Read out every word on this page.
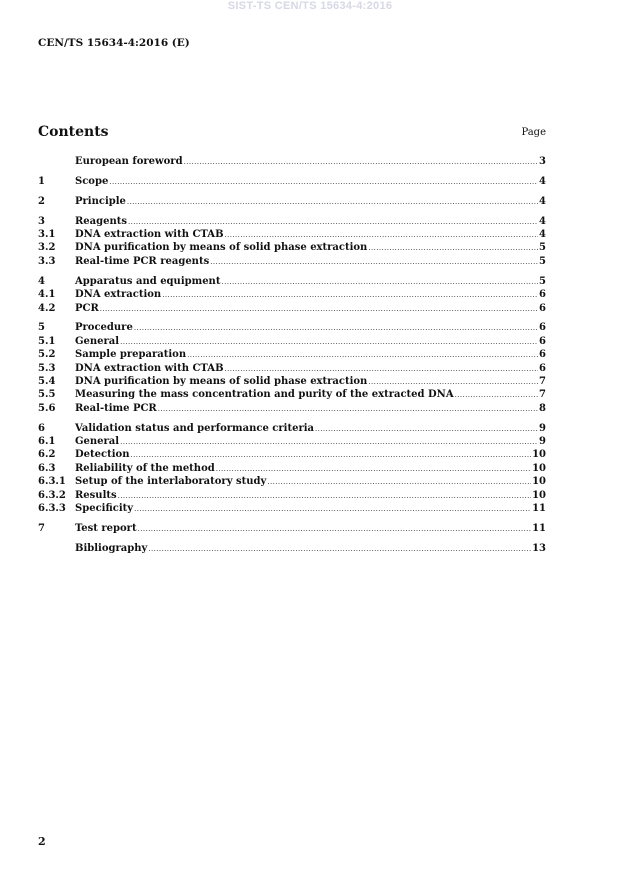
SIST-TS CEN/TS 15634-4:2016
CEN/TS 15634-4:2016 (E)
Contents	Page
European foreword .....	3
1	Scope .....	4
2	Principle .....	4
3	Reagents .....	4
3.1	DNA extraction with CTAB .....	4
3.2	DNA purification by means of solid phase extraction .....	5
3.3	Real-time PCR reagents .....	5
4	Apparatus and equipment .....	5
4.1	DNA extraction .....	6
4.2	PCR .....	6
5	Procedure .....	6
5.1	General .....	6
5.2	Sample preparation .....	6
5.3	DNA extraction with CTAB .....	6
5.4	DNA purification by means of solid phase extraction .....	7
5.5	Measuring the mass concentration and purity of the extracted DNA .....	7
5.6	Real-time PCR .....	8
6	Validation status and performance criteria .....	9
6.1	General .....	9
6.2	Detection .....	10
6.3	Reliability of the method .....	10
6.3.1 Setup of the interlaboratory study .....	10
6.3.2 Results .....	10
6.3.3 Specificity .....	11
7	Test report .....	11
Bibliography .....	13
2
